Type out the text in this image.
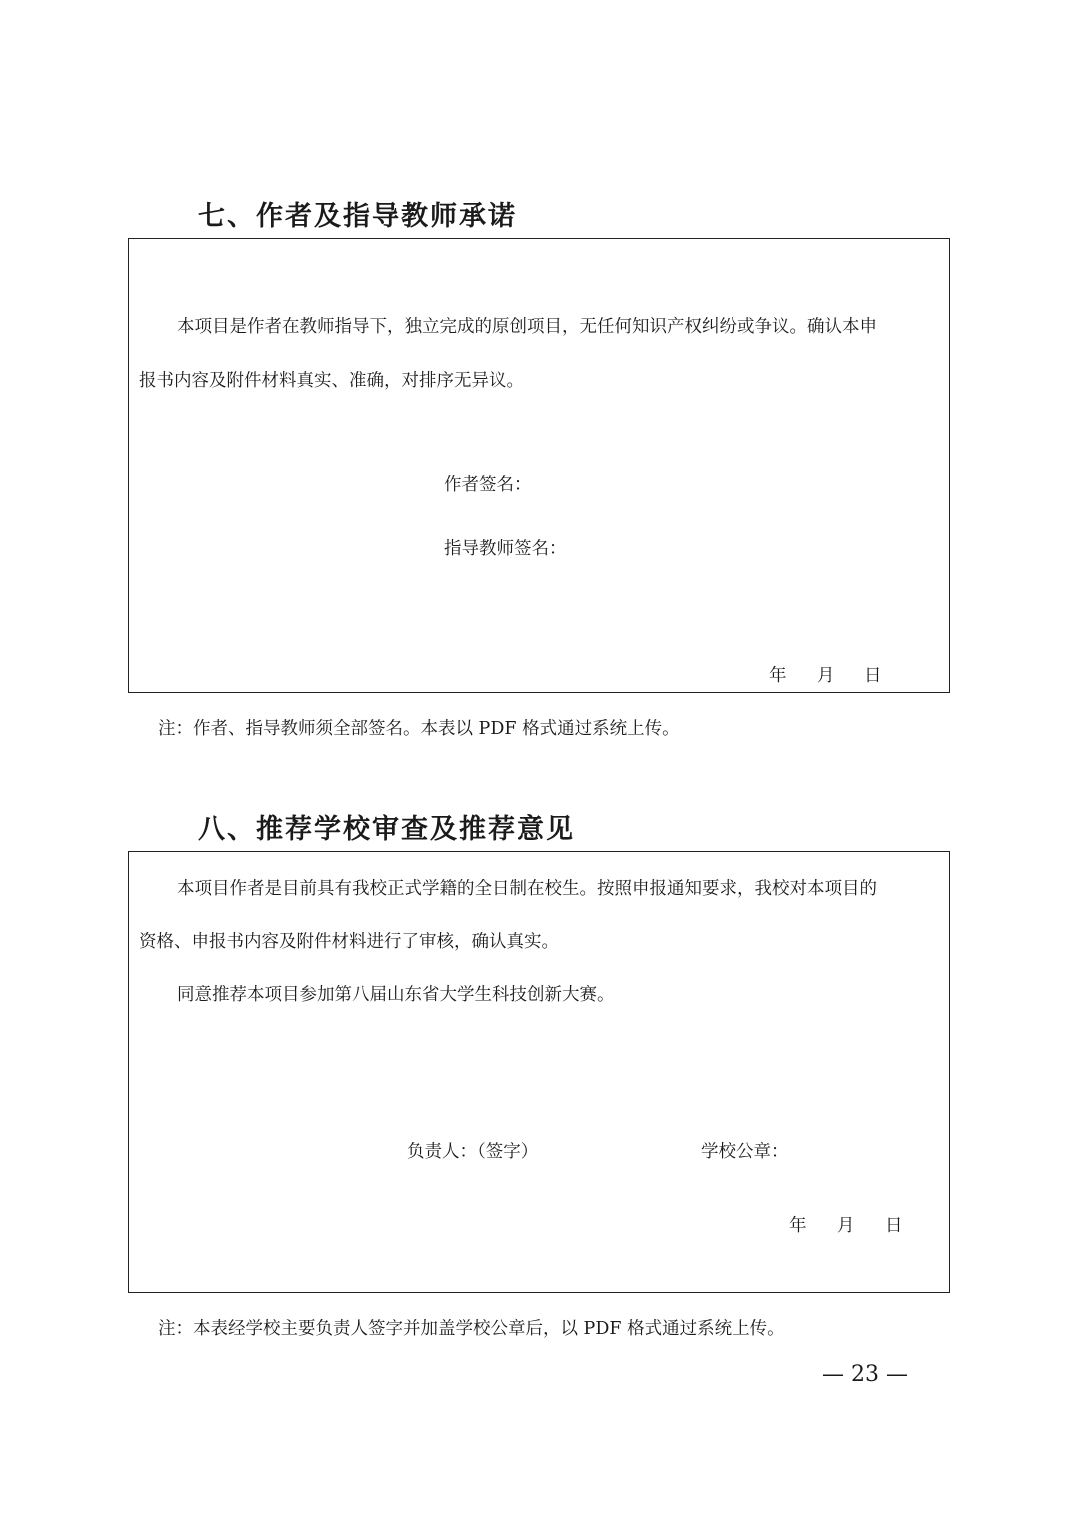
七、作者及指导教师承诺
本项目是作者在教师指导下，独立完成的原创项目，无任何知识产权纠纷或争议。确认本申
报书内容及附件材料真实、准确，对排序无异议。
作者签名：
指导教师签名：
年 月 日
注：作者、指导教师须全部签名。本表以 PDF 格式通过系统上传。
八、推荐学校审查及推荐意见
本项目作者是目前具有我校正式学籍的全日制在校生。按照申报通知要求，我校对本项目的
资格、申报书内容及附件材料进行了审核，确认真实。
同意推荐本项目参加第八届山东省大学生科技创新大赛。
负责人：（签字）	学校公章：
年 月 日
注：本表经学校主要负责人签字并加盖学校公章后，以 PDF 格式通过系统上传。
— 23 —
